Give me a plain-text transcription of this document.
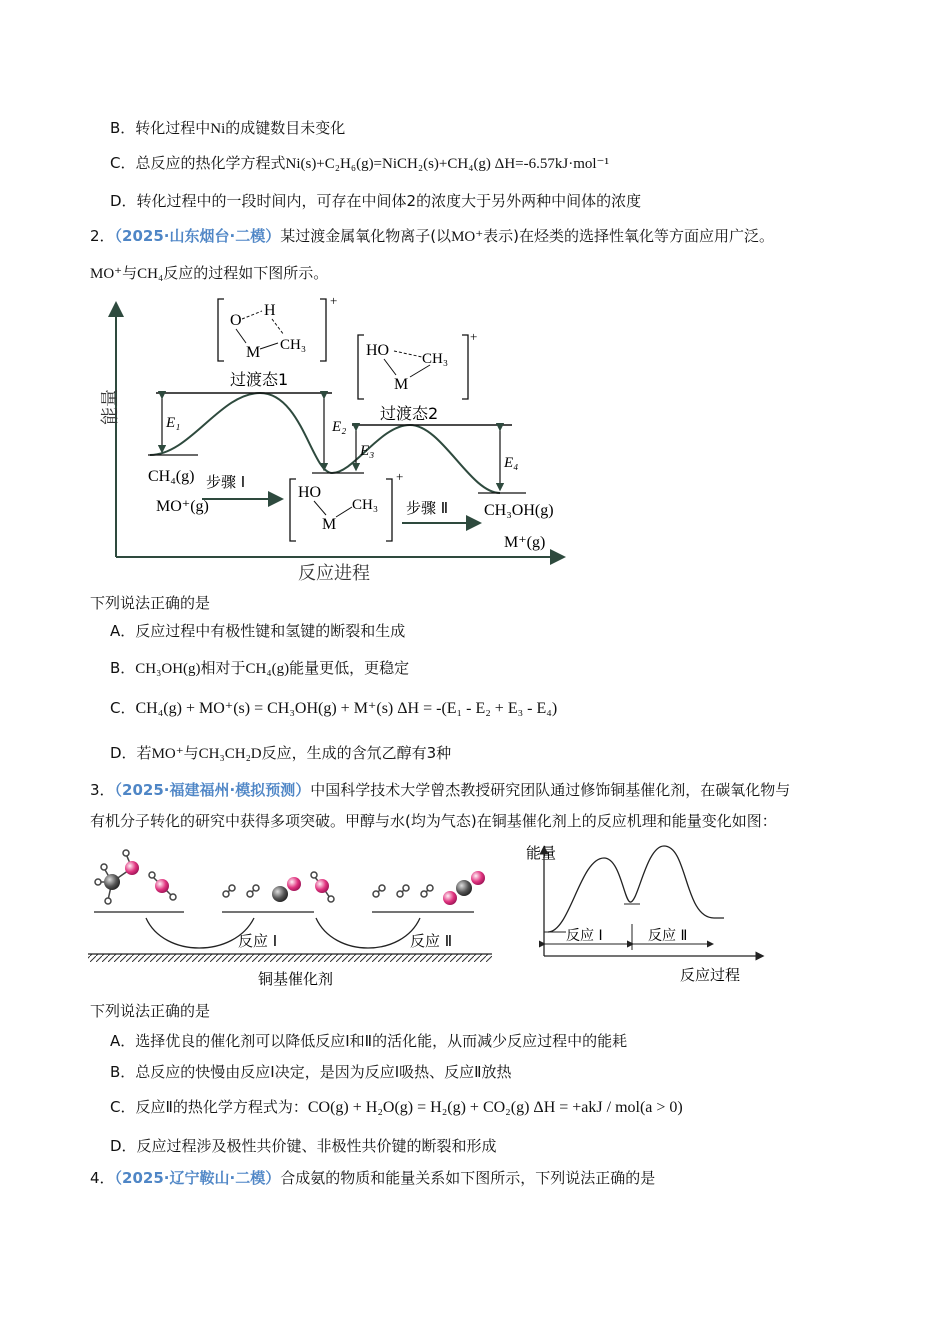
B．转化过程中Ni的成键数目未变化
C．总反应的热化学方程式Ni(s)+C₂H₆(g)=NiCH₂(s)+CH₄(g) ΔH=-6.57kJ·mol⁻¹
D．转化过程中的一段时间内，可存在中间体2的浓度大于另外两种中间体的浓度
2．（2025·山东烟台·二模）某过渡金属氧化物离子(以MO⁺表示)在烃类的选择性氧化等方面应用广泛。
MO⁺与CH₄反应的过程如下图所示。
能量
反应进程
E₁	E₂
E₃
E₄
过渡态1
过渡态2
+
O
H
M CH₃
+
HO CH₃
M
+
HO
CH₃
M
CH₄(g)
MO⁺(g)
步骤 Ⅰ
步骤 Ⅱ CH₃OH(g)
M⁺(g)
下列说法正确的是
A．反应过程中有极性键和氢键的断裂和生成
B．CH₃OH(g)相对于CH₄(g)能量更低，更稳定
C．CH₄(g) + MO⁺(s) = CH₃OH(g) + M⁺(s) ΔH = -(E₁ - E₂ + E₃ - E₄)
D．若MO⁺与CH₃CH₂D反应，生成的含氘乙醇有3种
3．（2025·福建福州·模拟预测）中国科学技术大学曾杰教授研究团队通过修饰铜基催化剂，在碳氧化物与
有机分子转化的研究中获得多项突破。甲醇与水(均为气态)在铜基催化剂上的反应机理和能量变化如图：
反应 Ⅰ	反应 Ⅱ
铜基催化剂
能量
反应 Ⅰ	反应 Ⅱ
反应过程
下列说法正确的是
A．选择优良的催化剂可以降低反应Ⅰ和Ⅱ的活化能，从而减少反应过程中的能耗
B．总反应的快慢由反应Ⅰ决定，是因为反应Ⅰ吸热、反应Ⅱ放热
C．反应Ⅱ的热化学方程式为：CO(g) + H₂O(g) = H₂(g) + CO₂(g) ΔH = +akJ / mol(a > 0)
D．反应过程涉及极性共价键、非极性共价键的断裂和形成
4．（2025·辽宁鞍山·二模）合成氨的物质和能量关系如下图所示，下列说法正确的是
